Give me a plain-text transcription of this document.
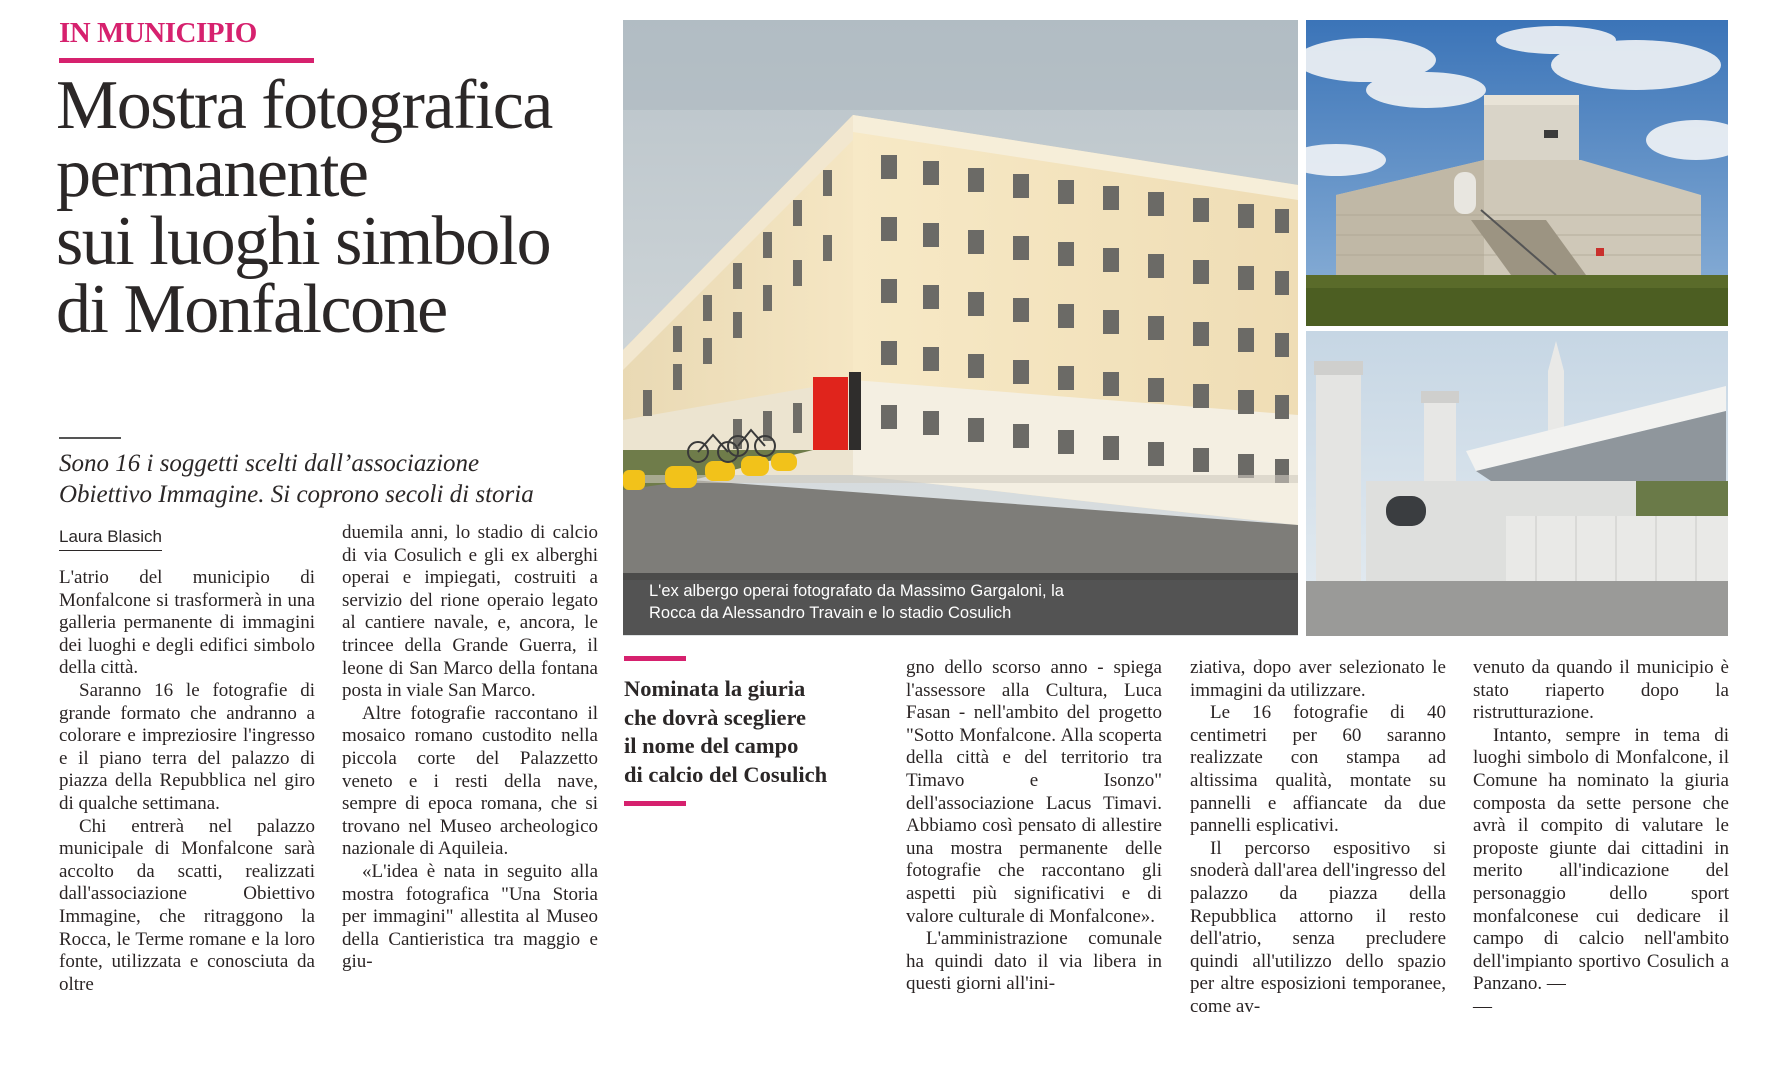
IN MUNICIPIO
Mostra fotografica
permanente
sui luoghi simbolo
di Monfalcone
Sono 16 i soggetti scelti dall’associazione
Obiettivo Immagine. Si coprono secoli di storia
Laura Blasich
L'ex albergo operai fotografato da Massimo Gargaloni, la
Rocca da Alessandro Travain e lo stadio Cosulich
Nominata la giuria
che dovrà scegliere
il nome del campo
di calcio del Cosulich

L'atrio del municipio di Monfalcone si trasformerà in una galleria permanente di immagini dei luoghi e degli edifici simbolo della città.

Saranno 16 le fotografie di grande formato che andranno a colorare e impreziosire l'ingresso e il piano terra del palazzo di piazza della Repubblica nel giro di qualche settimana.

Chi entrerà nel palazzo municipale di Monfalcone sarà accolto da scatti, realizzati dall'associazione Obiettivo Immagine, che ritraggono la Rocca, le Terme romane e la loro fonte, utilizzata e conosciuta da oltre

duemila anni, lo stadio di calcio di via Cosulich e gli ex alberghi operai e impiegati, costruiti a servizio del rione operaio legato al cantiere navale, e, ancora, le trincee della Grande Guerra, il leone di San Marco della fontana posta in viale San Marco.

Altre fotografie raccontano il mosaico romano custodito nella piccola corte del Palazzetto veneto e i resti della nave, sempre di epoca romana, che si trovano nel Museo archeologico nazionale di Aquileia.

«L'idea è nata in seguito alla mostra fotografica "Una Storia per immagini" allestita al Museo della Cantieristica tra maggio e giu-

gno dello scorso anno - spiega l'assessore alla Cultura, Luca Fasan - nell'ambito del progetto "Sotto Monfalcone. Alla scoperta della città e del territorio tra Timavo e Isonzo" dell'associazione Lacus Timavi. Abbiamo così pensato di allestire una mostra permanente delle fotografie che raccontano gli aspetti più significativi e di valore culturale di Monfalcone».

L'amministrazione comunale ha quindi dato il via libera in questi giorni all'ini-

ziativa, dopo aver selezionato le immagini da utilizzare.

Le 16 fotografie di 40 centimetri per 60 saranno realizzate con stampa ad altissima qualità, montate su pannelli e affiancate da due pannelli esplicativi.

Il percorso espositivo si snoderà dall'area dell'ingresso del palazzo da piazza della Repubblica attorno il resto dell'atrio, senza precludere quindi all'utilizzo dello spazio per altre esposizioni temporanee, come av-

venuto da quando il municipio è stato riaperto dopo la ristrutturazione.

Intanto, sempre in tema di luoghi simbolo di Monfalcone, il Comune ha nominato la giuria composta da sette persone che avrà il compito di valutare le proposte giunte dai cittadini in merito all'indicazione del personaggio dello sport monfalconese cui dedicare il campo di calcio nell'ambito dell'impianto sportivo Cosulich a Panzano. —

—
